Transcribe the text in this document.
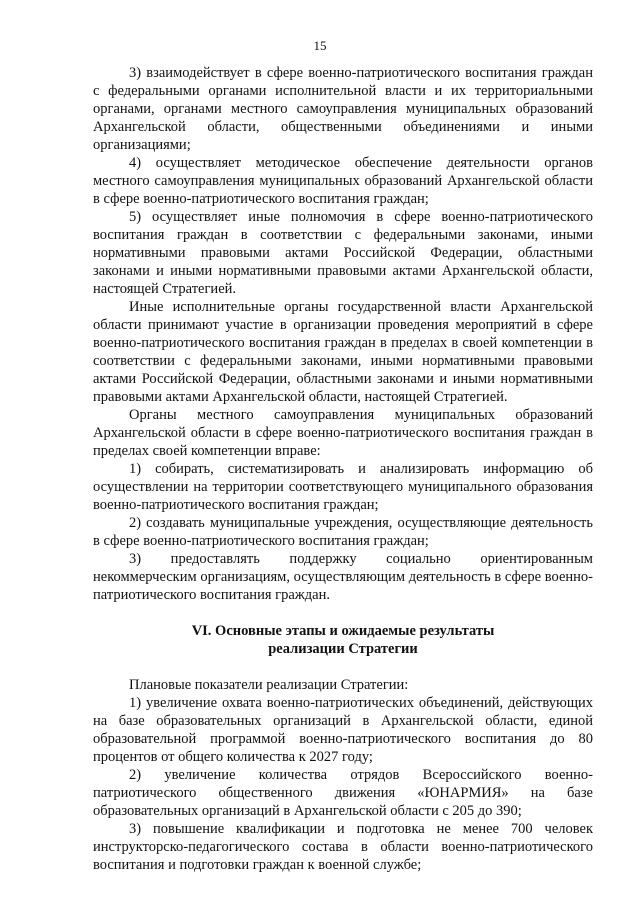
15

3) взаимодействует в сфере военно-патриотического воспитания граждан с федеральными органами исполнительной власти и их территориальными органами, органами местного самоуправления муниципальных образований Архангельской области, общественными объединениями и иными организациями;

4) осуществляет методическое обеспечение деятельности органов местного самоуправления муниципальных образований Архангельской области в сфере военно-патриотического воспитания граждан;

5) осуществляет иные полномочия в сфере военно-патриотического воспитания граждан в соответствии с федеральными законами, иными нормативными правовыми актами Российской Федерации, областными законами и иными нормативными правовыми актами Архангельской области, настоящей Стратегией.

Иные исполнительные органы государственной власти Архангельской области принимают участие в организации проведения мероприятий в сфере военно-патриотического воспитания граждан в пределах в своей компетенции в соответствии с федеральными законами, иными нормативными правовыми актами Российской Федерации, областными законами и иными нормативными правовыми актами Архангельской области, настоящей Стратегией.

Органы местного самоуправления муниципальных образований Архангельской области в сфере военно-патриотического воспитания граждан в пределах своей компетенции вправе:

1) собирать, систематизировать и анализировать информацию об осуществлении на территории соответствующего муниципального образования военно-патриотического воспитания граждан;

2) создавать муниципальные учреждения, осуществляющие деятельность в сфере военно-патриотического воспитания граждан;

3) предоставлять поддержку социально ориентированным некоммерческим организациям, осуществляющим деятельность в сфере военно-патриотического воспитания граждан.

VI. Основные этапы и ожидаемые результаты

реализации Стратегии

Плановые показатели реализации Стратегии:

1) увеличение охвата военно-патриотических объединений, действующих на базе образовательных организаций в Архангельской области, единой образовательной программой военно-патриотического воспитания до 80 процентов от общего количества к 2027 году;

2) увеличение количества отрядов Всероссийского военно-патриотического общественного движения «ЮНАРМИЯ» на базе образовательных организаций в Архангельской области с 205 до 390;

3) повышение квалификации и подготовка не менее 700 человек инструкторско-педагогического состава в области военно-патриотического воспитания и подготовки граждан к военной службе;
